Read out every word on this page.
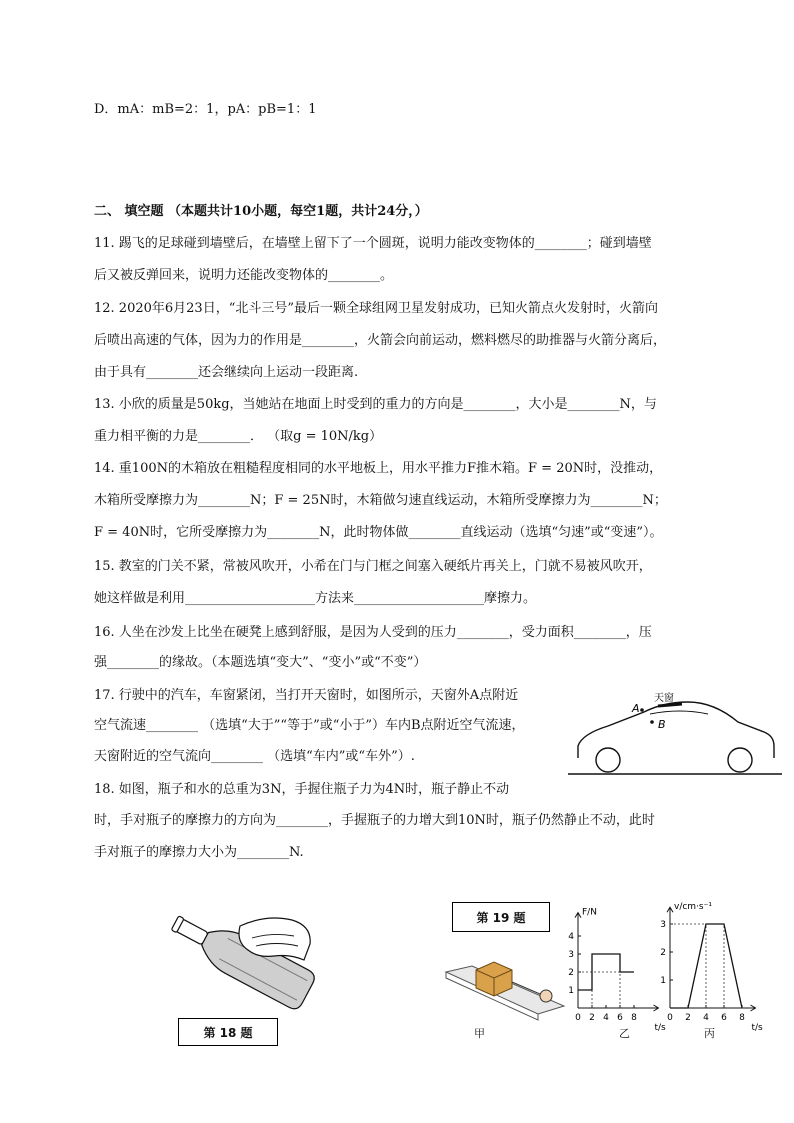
D．mA：mB=2：1，pA：pB=1：1
二、 填空题 （本题共计10小题，每空1题，共计24分，）
11. 踢飞的足球碰到墙壁后，在墙壁上留下了一个圆斑，说明力能改变物体的________；碰到墙壁
后又被反弹回来，说明力还能改变物体的________。
12. 2020年6月23日，“北斗三号”最后一颗全球组网卫星发射成功，已知火箭点火发射时，火箭向
后喷出高速的气体，因为力的作用是________，火箭会向前运动，燃料燃尽的助推器与火箭分离后，
由于具有________还会继续向上运动一段距离.
13. 小欣的质量是50kg，当她站在地面上时受到的重力的方向是________，大小是________N，与
重力相平衡的力是________． （取g = 10N/kg）
14. 重100N的木箱放在粗糙程度相同的水平地板上，用水平推力F推木箱。F = 20N时，没推动，
木箱所受摩擦力为________N；F = 25N时，木箱做匀速直线运动，木箱所受摩擦力为________N；
F = 40N时，它所受摩擦力为________N，此时物体做________直线运动（选填“匀速”或“变速”）。
15. 教室的门关不紧，常被风吹开，小希在门与门框之间塞入硬纸片再关上，门就不易被风吹开，
她这样做是利用____________________方法来____________________摩擦力。
16. 人坐在沙发上比坐在硬凳上感到舒服，是因为人受到的压力________，受力面积________，压
强________的缘故。（本题选填“变大”、“变小”或“不变”）
17. 行驶中的汽车，车窗紧闭，当打开天窗时，如图所示，天窗外A点附近
空气流速________ （选填“大于”“等于”或“小于”）车内B点附近空气流速，
天窗附近的空气流向________ （选填“车内”或“车外”）.
18. 如图，瓶子和水的总重为3N，手握住瓶子力为4N时，瓶子静止不动
时，手对瓶子的摩擦力的方向为________，手握瓶子的力增大到10N时，瓶子仍然静止不动，此时
手对瓶子的摩擦力大小为________N.
A
B
天窗
第 18 题
第 19 题
甲
0 2 4 6 8
1
2
3
4
F/N
t/s
乙
0 2 4 6 8
1
2
3
v/cm·s⁻¹
t/s
丙
